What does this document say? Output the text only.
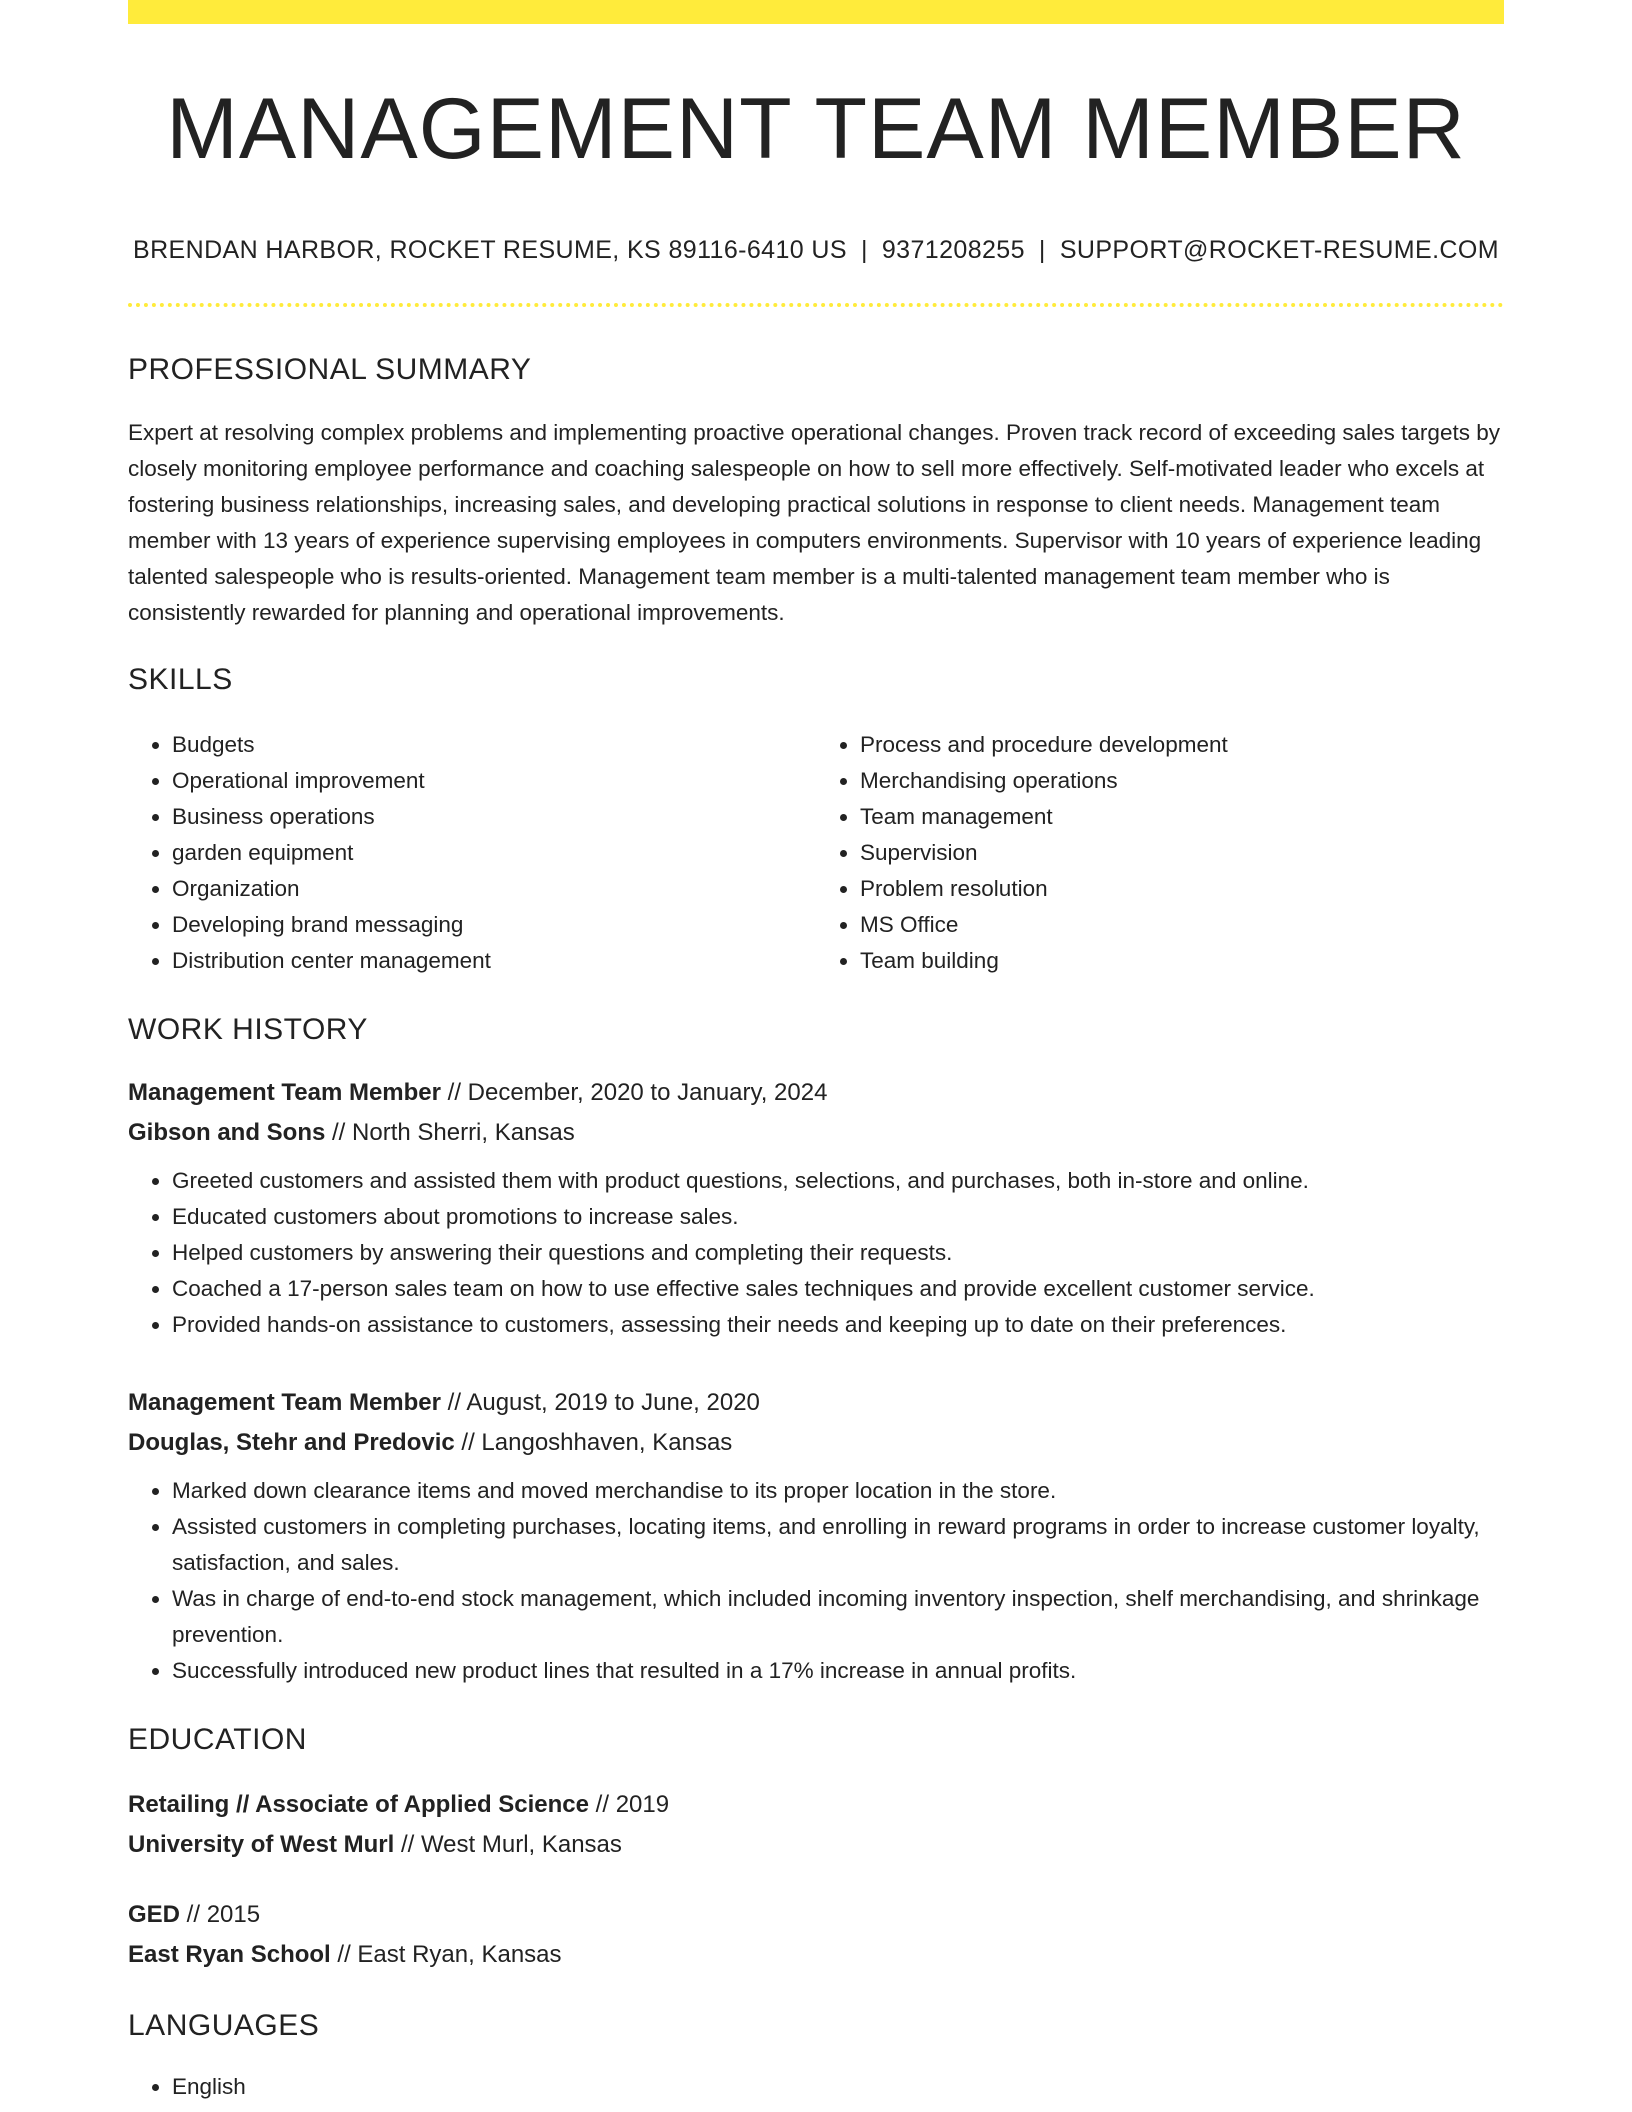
MANAGEMENT TEAM MEMBER
BRENDAN HARBOR, ROCKET RESUME, KS 89116-6410 US | 9371208255 | SUPPORT@ROCKET-RESUME.COM
PROFESSIONAL SUMMARY
Expert at resolving complex problems and implementing proactive operational changes. Proven track record of exceeding sales targets by closely monitoring employee performance and coaching salespeople on how to sell more effectively. Self-motivated leader who excels at fostering business relationships, increasing sales, and developing practical solutions in response to client needs. Management team member with 13 years of experience supervising employees in computers environments. Supervisor with 10 years of experience leading talented salespeople who is results-oriented. Management team member is a multi-talented management team member who is consistently rewarded for planning and operational improvements.
SKILLS
• Budgets
• Operational improvement
• Business operations
• garden equipment
• Organization
• Developing brand messaging
• Distribution center management
• Process and procedure development
• Merchandising operations
• Team management
• Supervision
• Problem resolution
• MS Office
• Team building
WORK HISTORY
Management Team Member // December, 2020 to January, 2024
Gibson and Sons // North Sherri, Kansas
• Greeted customers and assisted them with product questions, selections, and purchases, both in-store and online.
• Educated customers about promotions to increase sales.
• Helped customers by answering their questions and completing their requests.
• Coached a 17-person sales team on how to use effective sales techniques and provide excellent customer service.
• Provided hands-on assistance to customers, assessing their needs and keeping up to date on their preferences.
Management Team Member // August, 2019 to June, 2020
Douglas, Stehr and Predovic // Langoshhaven, Kansas
• Marked down clearance items and moved merchandise to its proper location in the store.
• Assisted customers in completing purchases, locating items, and enrolling in reward programs in order to increase customer loyalty, satisfaction, and sales.
• Was in charge of end-to-end stock management, which included incoming inventory inspection, shelf merchandising, and shrinkage prevention.
• Successfully introduced new product lines that resulted in a 17% increase in annual profits.
EDUCATION
Retailing // Associate of Applied Science // 2019
University of West Murl // West Murl, Kansas
GED // 2015
East Ryan School // East Ryan, Kansas
LANGUAGES
• English
